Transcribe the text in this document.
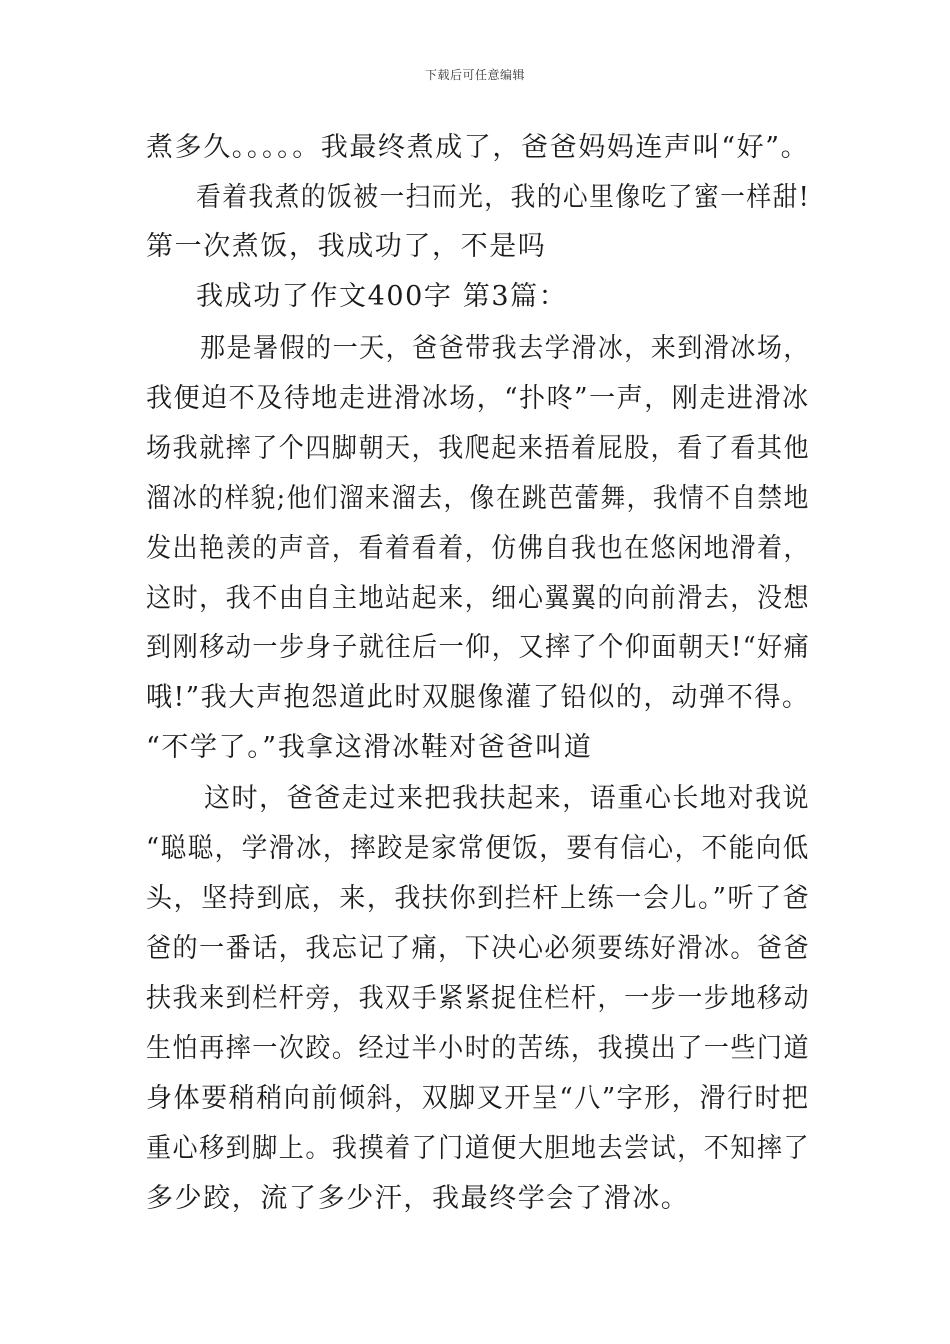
下载后可任意编辑
煮多久。。。。。我最终煮成了，爸爸妈妈连声叫“好”。
看着我煮的饭被一扫而光，我的心里像吃了蜜一样甜!
第一次煮饭，我成功了，不是吗
我成功了作文400字 第3篇：
那是暑假的一天，爸爸带我去学滑冰，来到滑冰场，
我便迫不及待地走进滑冰场，“扑咚”一声，刚走进滑冰
场我就摔了个四脚朝天，我爬起来捂着屁股，看了看其他
溜冰的样貌;他们溜来溜去，像在跳芭蕾舞，我情不自禁地
发出艳羡的声音，看着看着，仿佛自我也在悠闲地滑着，
这时，我不由自主地站起来，细心翼翼的向前滑去，没想
到刚移动一步身子就往后一仰，又摔了个仰面朝天!“好痛
哦!”我大声抱怨道此时双腿像灌了铅似的，动弹不得。
“不学了。”我拿这滑冰鞋对爸爸叫道
这时，爸爸走过来把我扶起来，语重心长地对我说
“聪聪，学滑冰，摔跤是家常便饭，要有信心，不能向低
头，坚持到底，来，我扶你到拦杆上练一会儿。”听了爸
爸的一番话，我忘记了痛，下决心必须要练好滑冰。爸爸
扶我来到栏杆旁，我双手紧紧捉住栏杆，一步一步地移动
生怕再摔一次跤。经过半小时的苦练，我摸出了一些门道
身体要稍稍向前倾斜，双脚叉开呈“八”字形，滑行时把
重心移到脚上。我摸着了门道便大胆地去尝试，不知摔了
多少跤，流了多少汗，我最终学会了滑冰。
